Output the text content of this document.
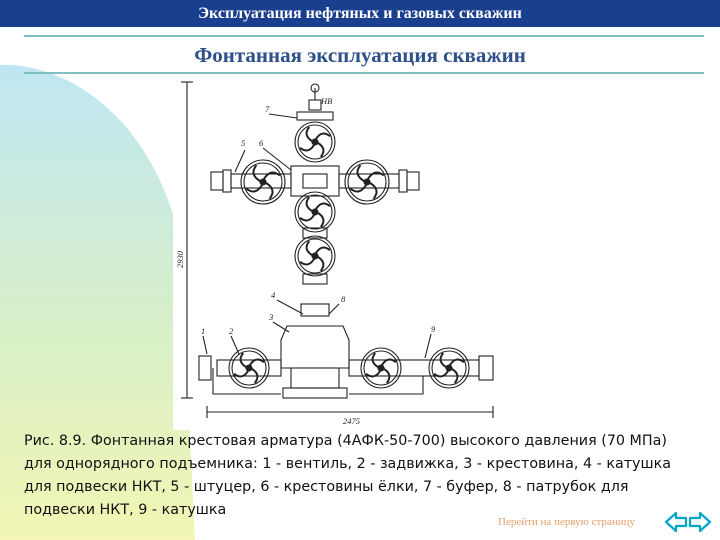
Эксплуатация нефтяных и газовых скважин
Фонтанная эксплуатация скважин
2930
2475
НВ
1	2
3
4
5 6
7
8
9
Рис. 8.9. Фонтанная крестовая арматура (4АФК-50-700) высокого давления (70 МПа) для однорядного подъемника: 1 - вентиль, 2 - задвижка, 3 - крестовина, 4 - катушка для подвески НКТ, 5 - штуцер, 6 - крестовины ёлки, 7 - буфер, 8 - патрубок для подвески НКТ, 9 - катушка
Перейти на первую страницу
